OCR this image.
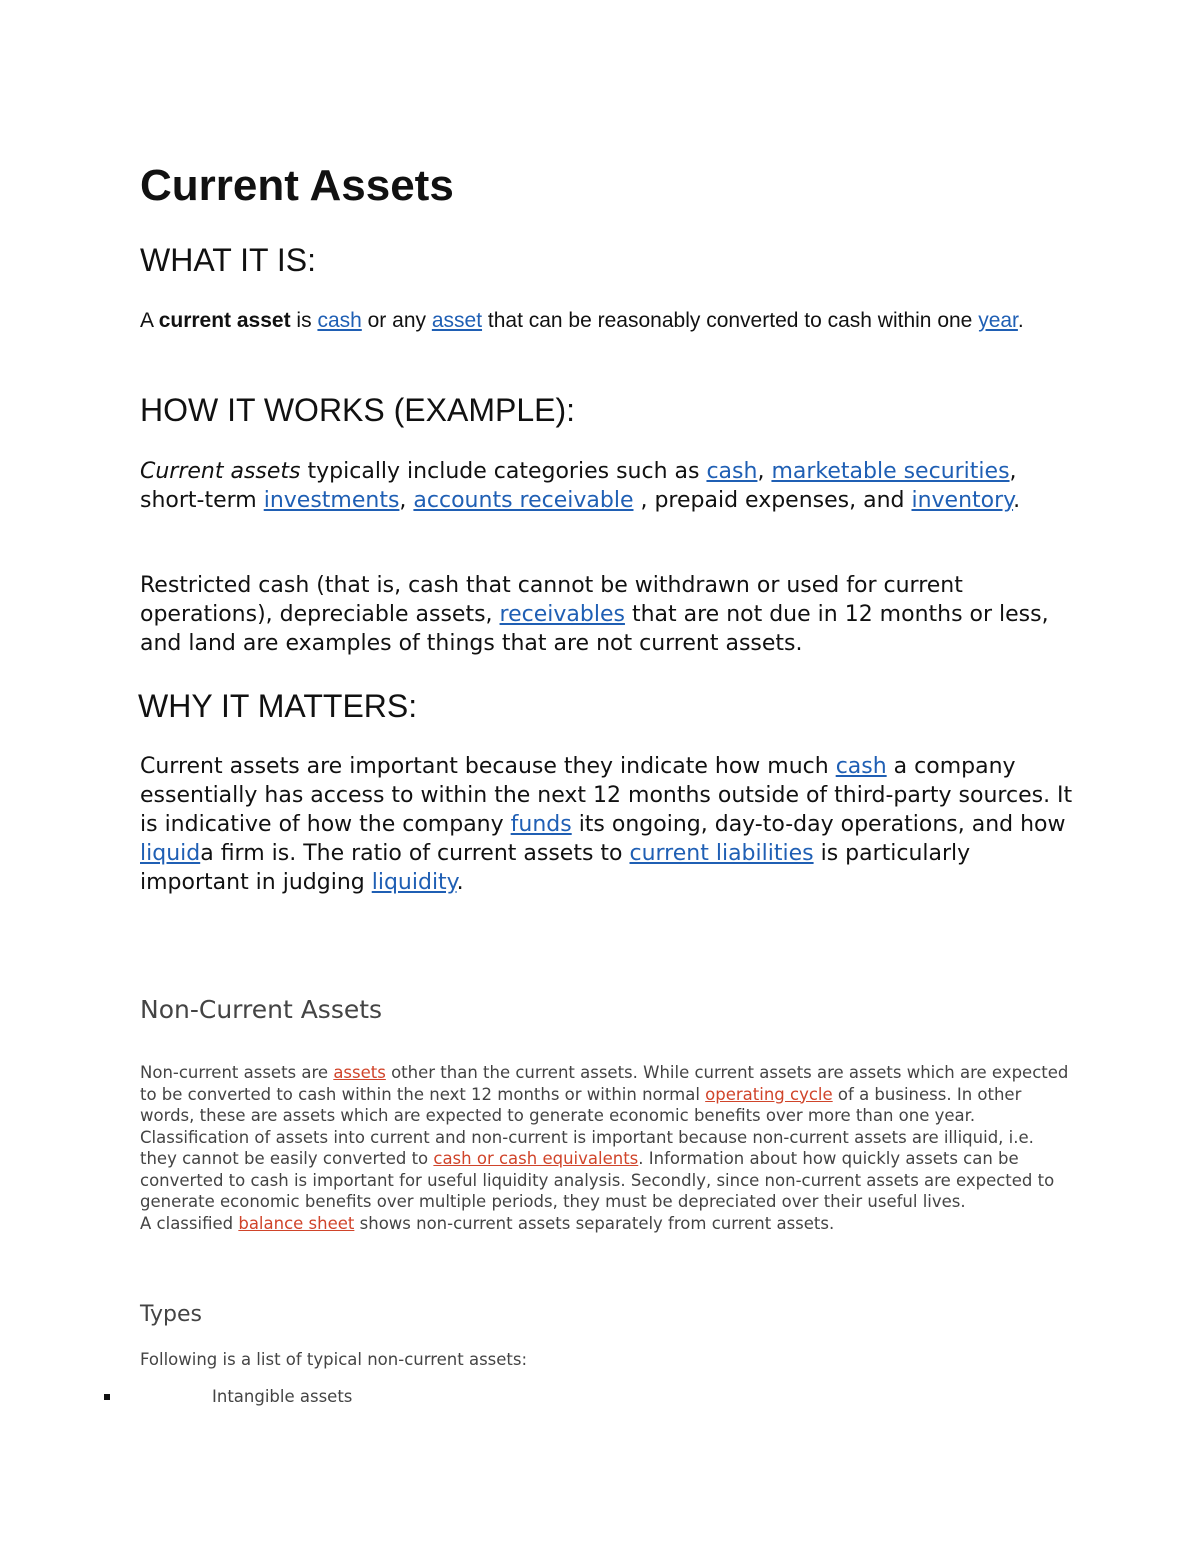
Current Assets
WHAT IT IS:

A current asset is cash or any asset that can be reasonably converted to cash within one year.

HOW IT WORKS (EXAMPLE):

Current assets typically include categories such as cash, marketable securities, short-term investments, accounts receivable , prepaid expenses, and inventory.

Restricted cash (that is, cash that cannot be withdrawn or used for current operations), depreciable assets, receivables that are not due in 12 months or less, and land are examples of things that are not current assets.

WHY IT MATTERS:

Current assets are important because they indicate how much cash a company essentially has access to within the next 12 months outside of third-party sources. It is indicative of how the company funds its ongoing, day-to-day operations, and how liquida firm is. The ratio of current assets to current liabilities is particularly important in judging liquidity.

Non-Current Assets
Non-current assets are assets other than the current assets. While current assets are assets which are expected to be converted to cash within the next 12 months or within normal operating cycle of a business. In other words, these are assets which are expected to generate economic benefits over more than one year.
Classification of assets into current and non-current is important because non-current assets are illiquid, i.e. they cannot be easily converted to cash or cash equivalents. Information about how quickly assets can be converted to cash is important for useful liquidity analysis. Secondly, since non-current assets are expected to generate economic benefits over multiple periods, they must be depreciated over their useful lives.
A classified balance sheet shows non-current assets separately from current assets.
Types

Following is a list of typical non-current assets:

Intangible assets
